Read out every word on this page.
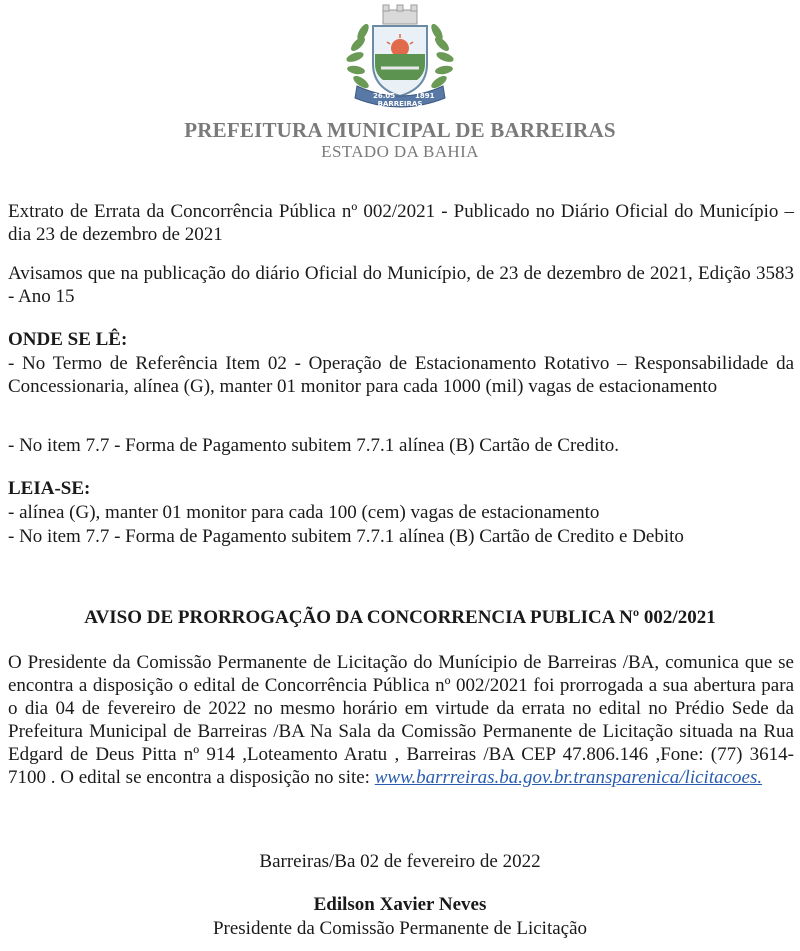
26.05	1891
BARREIRAS
PREFEITURA MUNICIPAL DE BARREIRAS
ESTADO DA BAHIA
Extrato de Errata da Concorrência Pública nº 002/2021 - Publicado no Diário Oficial do Município – dia 23 de dezembro de 2021
Avisamos que na publicação do diário Oficial do Município, de 23 de dezembro de 2021, Edição 3583 - Ano 15
ONDE SE LÊ:
- No Termo de Referência Item 02 - Operação de Estacionamento Rotativo – Responsabilidade da Concessionaria, alínea (G), manter 01 monitor para cada 1000 (mil) vagas de estacionamento
- No item 7.7 - Forma de Pagamento subitem 7.7.1 alínea (B) Cartão de Credito.
LEIA-SE:
- alínea (G), manter 01 monitor para cada 100 (cem) vagas de estacionamento
- No item 7.7 - Forma de Pagamento subitem 7.7.1 alínea (B) Cartão de Credito e Debito
AVISO DE PRORROGAÇÃO DA CONCORRENCIA PUBLICA Nº 002/2021
O Presidente da Comissão Permanente de Licitação do Munícipio de Barreiras /BA, comunica que se encontra a disposição o edital de Concorrência Pública nº 002/2021 foi prorrogada a sua abertura para o dia 04 de fevereiro de 2022 no mesmo horário em virtude da errata no edital no Prédio Sede da Prefeitura Municipal de Barreiras /BA Na Sala da Comissão Permanente de Licitação situada na Rua Edgard de Deus Pitta nº 914 ,Loteamento Aratu , Barreiras /BA CEP 47.806.146 ,Fone: (77) 3614-7100 . O edital se encontra a disposição no site: www.barrreiras.ba.gov.br.transparenica/licitacoes.
Barreiras/Ba 02 de fevereiro de 2022
Edilson Xavier Neves
Presidente da Comissão Permanente de Licitação
